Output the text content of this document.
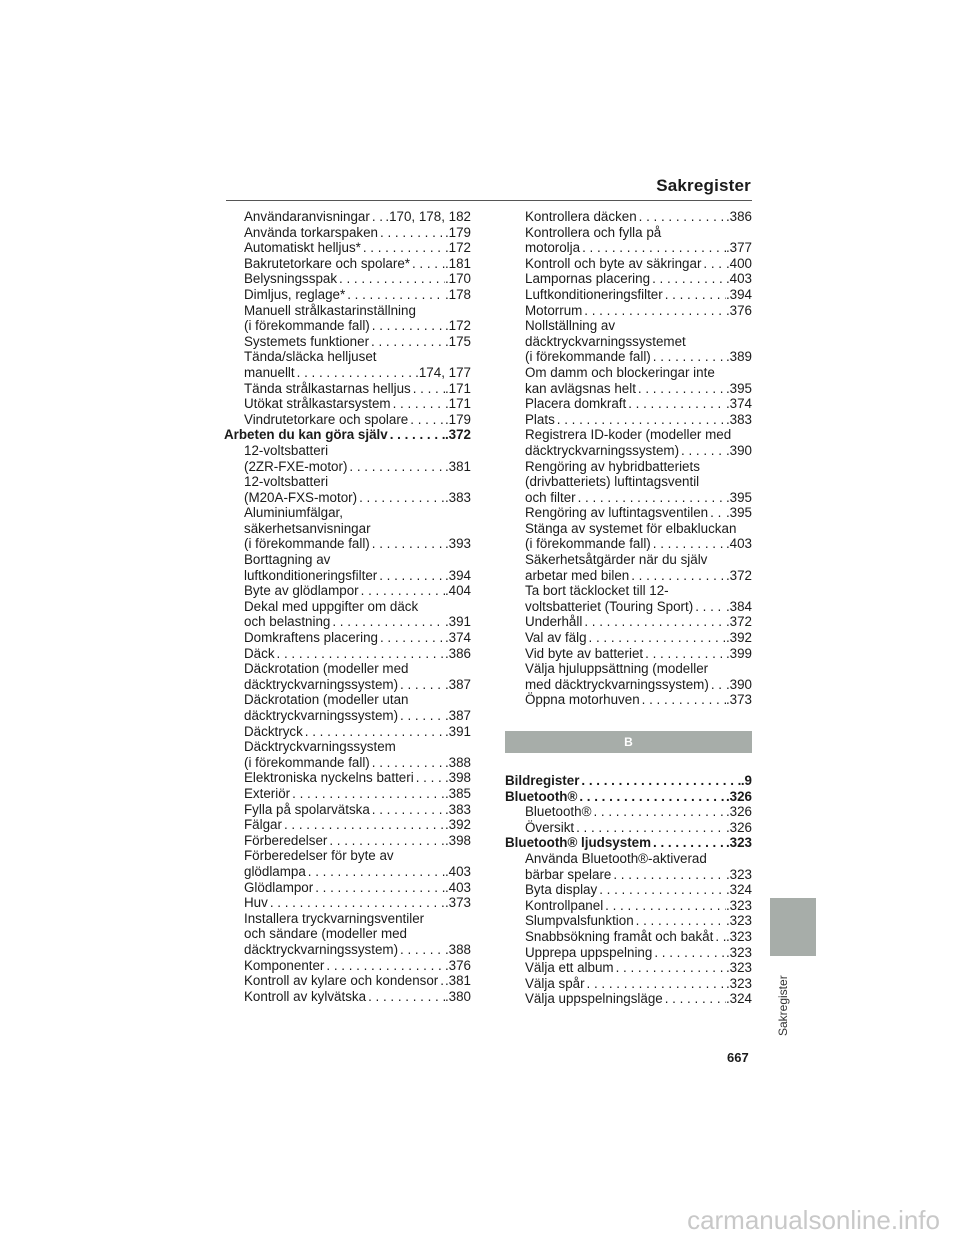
Sakregister
Användaranvisningar . . . .170, 178, 182
Använda torkarspaken . . .	.179
Automatiskt helljus* . . .	.172
Bakrutetorkare och spolare* . . .	.181
Belysningsspak . . .	.170
Dimljus, reglage* . . .	.178
Manuell strålkastarinställning
(i förekommande fall) . . .	.172
Systemets funktioner . . .	.175
Tända/släcka helljuset
manuellt . . .	.174, 177
Tända strålkastarnas helljus . . .	.171
Utökat strålkastarsystem . . .	.171
Vindrutetorkare och spolare . . .	.179
Arbeten du kan göra själv . . .	.372
12-voltsbatteri
(2ZR-FXE-motor) . . .	.381
12-voltsbatteri
(M20A-FXS-motor) . . .	.383
Aluminiumfälgar,
säkerhetsanvisningar
(i förekommande fall) . . .	.393
Borttagning av
luftkonditioneringsfilter . . .	.394
Byte av glödlampor . . .	.404
Dekal med uppgifter om däck
och belastning . . .	.391
Domkraftens placering . . .	.374
Däck . . .	.386
Däckrotation (modeller med
däcktryckvarningssystem) . . .	.387
Däckrotation (modeller utan
däcktryckvarningssystem) . . .	.387
Däcktryck . . .	.391
Däcktryckvarningssystem
(i förekommande fall) . . .	.388
Elektroniska nyckelns batteri . . . .398
Exteriör . . .	.385
Fylla på spolarvätska . . .	.383
Fälgar . . .	.392
Förberedelser . . .	.398
Förberedelser för byte av
glödlampa . . .	.403
Glödlampor . . .	.403
Huv . . .	.373
Installera tryckvarningsventiler
och sändare (modeller med
däcktryckvarningssystem) . . .	.388
Komponenter . . .	.376
Kontroll av kylare och kondensor . . . .381
Kontroll av kylvätska . . .	.380
Kontrollera däcken . . .	.386
Kontrollera och fylla på
motorolja . . .	.377
Kontroll och byte av säkringar . . . .400
Lampornas placering . . .	.403
Luftkonditioneringsfilter . . .	.394
Motorrum . . .	.376
Nollställning av
däcktryckvarningssystemet
(i förekommande fall) . . .	.389
Om damm och blockeringar inte
kan avlägsnas helt . . .	.395
Placera domkraft . . .	.374
Plats . . .	.383
Registrera ID-koder (modeller med
däcktryckvarningssystem) . . .	.390
Rengöring av hybridbatteriets
(drivbatteriets) luftintagsventil
och filter . . .	.395
Rengöring av luftintagsventilen . . . .395
Stänga av systemet för elbakluckan
(i förekommande fall) . . .	.403
Säkerhetsåtgärder när du själv
arbetar med bilen . . .	.372
Ta bort täcklocket till 12-
voltsbatteriet (Touring Sport) . . . .384
Underhåll . . .	.372
Val av fälg . . .	.392
Vid byte av batteriet . . .	.399
Välja hjuluppsättning (modeller
med däcktryckvarningssystem) . . . .390
Öppna motorhuven . . .	.373
B
Bildregister . . .	.9
Bluetooth® . . .	.326
Bluetooth® . . .	.326
Översikt . . .	.326
Bluetooth® ljudsystem . . .	.323
Använda Bluetooth®-aktiverad
bärbar spelare . . .	.323
Byta display . . .	.324
Kontrollpanel . . .	.323
Slumpvalsfunktion . . .	.323
Snabbsökning framåt och bakåt . . . .323
Upprepa uppspelning . . .	.323
Välja ett album . . .	.323
Välja spår . . .	.323
Välja uppspelningsläge . . .	.324 Sakregister
667
carmanualsonline.info
